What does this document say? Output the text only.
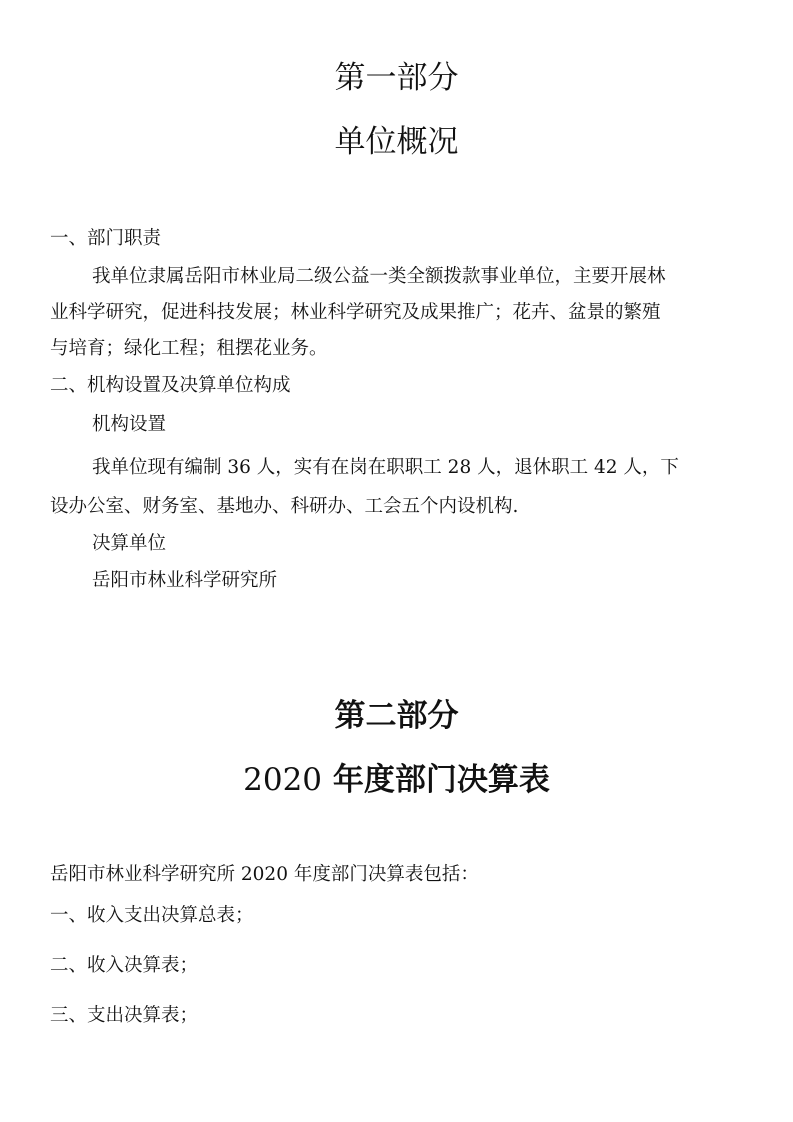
第一部分
单位概况
一、部门职责
我单位隶属岳阳市林业局二级公益一类全额拨款事业单位，主要开展林
业科学研究，促进科技发展；林业科学研究及成果推广；花卉、盆景的繁殖
与培育；绿化工程；租摆花业务。
二、机构设置及决算单位构成
机构设置
我单位现有编制 36 人，实有在岗在职职工 28 人，退休职工 42 人，下
设办公室、财务室、基地办、科研办、工会五个内设机构.
决算单位
岳阳市林业科学研究所
第二部分
2020 年度部门决算表
岳阳市林业科学研究所 2020 年度部门决算表包括：
一、收入支出决算总表；
二、收入决算表；
三、支出决算表；
